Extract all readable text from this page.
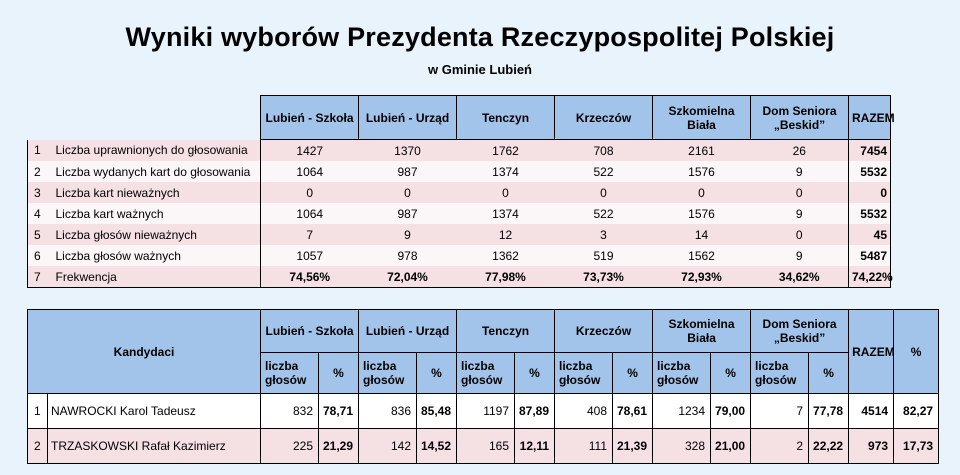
Wyniki wyborów Prezydenta Rzeczypospolitej Polskiej
w Gminie Lubień
		Lubień - Szkoła	Lubień - Urząd	Tenczyn	Krzeczów	Szkomielna Biała	Dom Seniora „Beskid”	RAZEM
1	Liczba uprawnionych do głosowania	1427	1370	1762	708	2161	26	7454
2	Liczba wydanych kart do głosowania	1064	987	1374	522	1576	9	5532
3	Liczba kart nieważnych	0	0	0	0	0	0	0
4	Liczba kart ważnych	1064	987	1374	522	1576	9	5532
5	Liczba głosów nieważnych	7	9	12	3	14	0	45
6	Liczba głosów ważnych	1057	978	1362	519	1562	9	5487
7	Frekwencja	74,56%	72,04%	77,98%	73,73%	72,93%	34,62%	74,22%
Kandydaci		Lubień - Szkoła		Lubień - Urząd		Tenczyn		Krzeczów		Szkomielna Biała		Dom Seniora „Beskid”		RAZEM	%
		liczba głosów	%	liczba głosów	%	liczba głosów	%	liczba głosów	%	liczba głosów	%	liczba głosów	%		
1	NAWROCKI Karol Tadeusz	832	78,71	836	85,48	1197	87,89	408	78,61	1234	79,00	7	77,78	4514	82,27
2	TRZASKOWSKI Rafał Kazimierz	225	21,29	142	14,52	165	12,11	111	21,39	328	21,00	2	22,22	973	17,73
